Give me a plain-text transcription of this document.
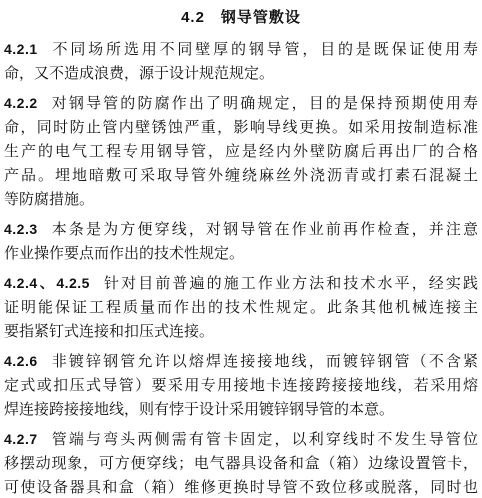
4.2 钢导管敷设
4.2.1 不同场所选用不同壁厚的钢导管，目的是既保证使用寿
命，又不造成浪费，源于设计规范规定。
4.2.2 对钢导管的防腐作出了明确规定，目的是保持预期使用寿
命，同时防止管内壁锈蚀严重，影响导线更换。如采用按制造标准
生产的电气工程专用钢导管，应是经内外壁防腐后再出厂的合格
产品。埋地暗敷可采取导管外缠绕麻丝外浇沥青或打素石混凝土
等防腐措施。
4.2.3 本条是为方便穿线，对钢导管在作业前再作检查，并注意
作业操作要点而作出的技术性规定。
4.2.4、4.2.5 针对目前普遍的施工作业方法和技术水平，经实践
证明能保证工程质量而作出的技术性规定。此条其他机械连接主
要指紧钉式连接和扣压式连接。
4.2.6 非镀锌钢管允许以熔焊连接接地线，而镀锌钢管（不含紧
定式或扣压式导管）要采用专用接地卡连接跨接接地线，若采用熔
焊连接跨接接地线，则有悖于设计采用镀锌钢导管的本意。
4.2.7 管端与弯头两侧需有管卡固定，以利穿线时不发生导管位
移摆动现象，可方便穿线；电气器具设备和盒（箱）边缘设置管卡，
可使设备器具和盒（箱）维修更换时导管不致位移或脱落，同时也
